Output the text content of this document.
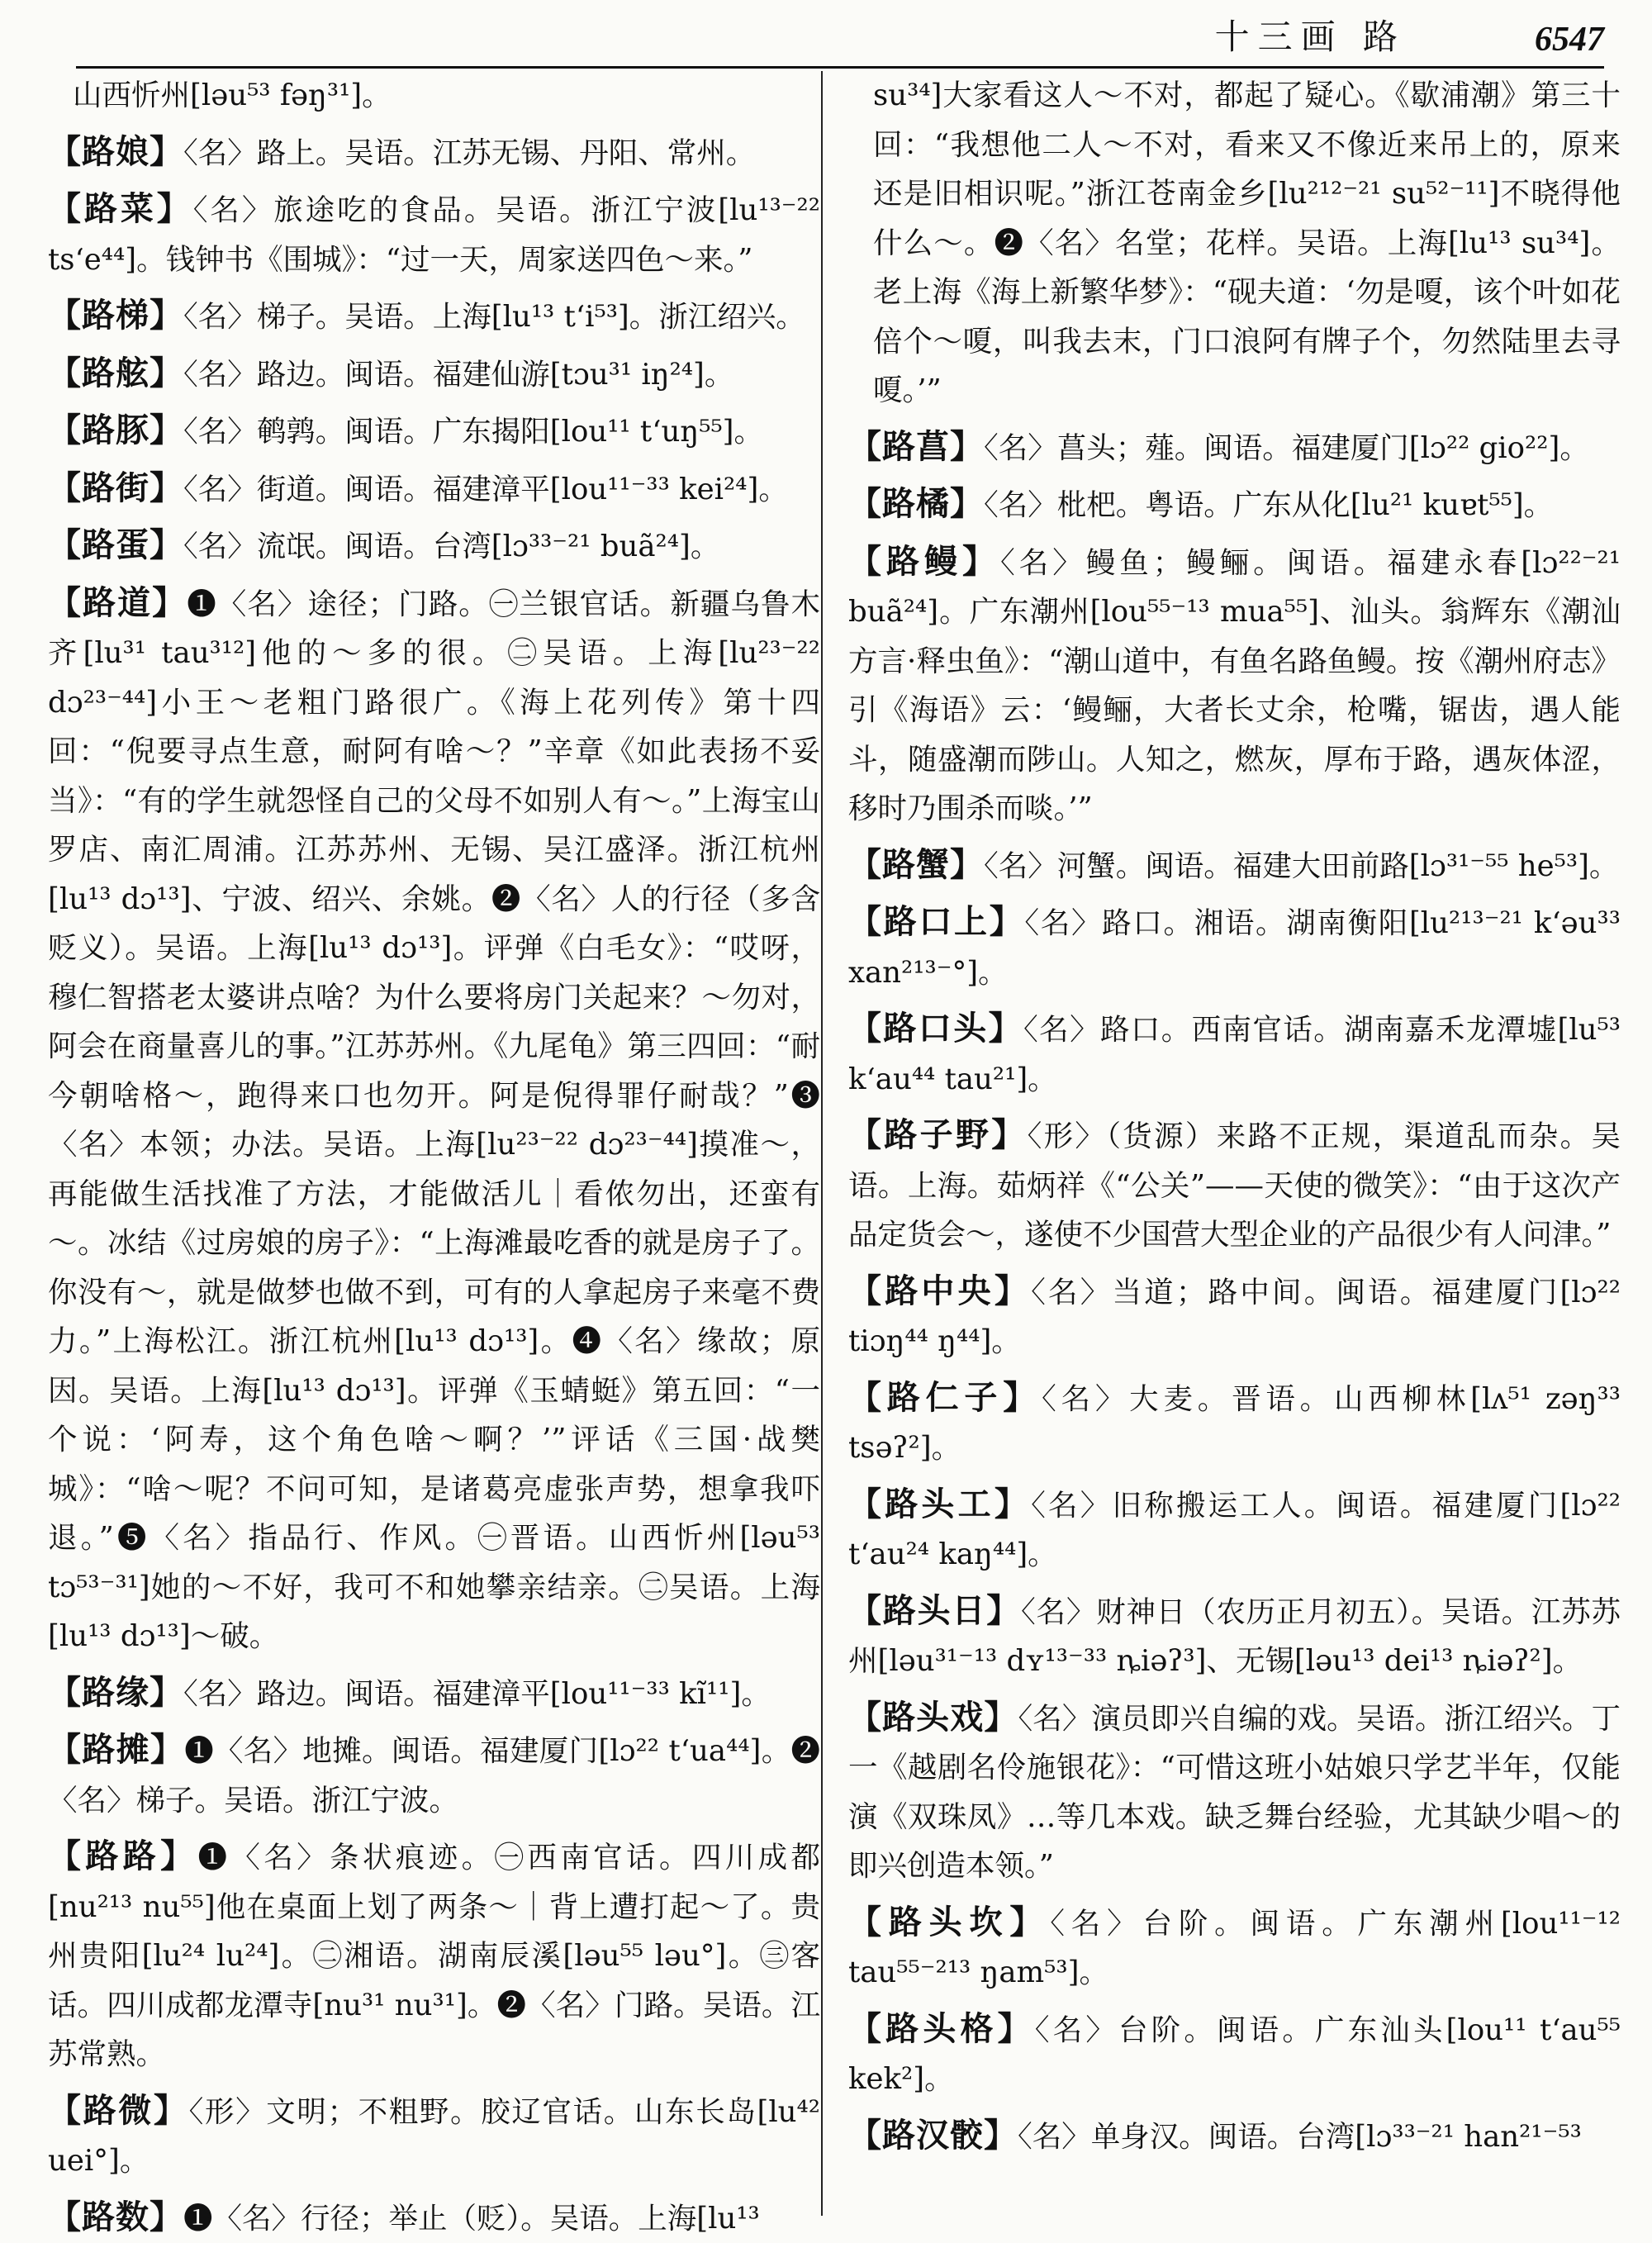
十三画 路	6547

山西忻州[ləu⁵³ fəŋ³¹]。

【路娘】〈名〉路上。吴语。江苏无锡、丹阳、常州。

【路菜】〈名〉旅途吃的食品。吴语。浙江宁波[lu¹³⁻²² tsʻe⁴⁴]。钱钟书《围城》：“过一天，周家送四色～来。”

【路梯】〈名〉梯子。吴语。上海[lu¹³ tʻi⁵³]。浙江绍兴。

【路舷】〈名〉路边。闽语。福建仙游[tɔu³¹ iŋ²⁴]。

【路豚】〈名〉鹌鹑。闽语。广东揭阳[lou¹¹ tʻuŋ⁵⁵]。

【路街】〈名〉街道。闽语。福建漳平[lou¹¹⁻³³ kei²⁴]。

【路蛋】〈名〉流氓。闽语。台湾[lɔ³³⁻²¹ buã²⁴]。

【路道】❶〈名〉途径；门路。㊀兰银官话。新疆乌鲁木齐[lu³¹ tau³¹²]他的～多的很。㊁吴语。上海[lu²³⁻²² dɔ²³⁻⁴⁴]小王～老粗门路很广。《海上花列传》第十四回：“倪要寻点生意，耐阿有啥～？”辛章《如此表扬不妥当》：“有的学生就怨怪自己的父母不如别人有～。”上海宝山罗店、南汇周浦。江苏苏州、无锡、吴江盛泽。浙江杭州[lu¹³ dɔ¹³]、宁波、绍兴、余姚。❷〈名〉人的行径（多含贬义）。吴语。上海[lu¹³ dɔ¹³]。评弹《白毛女》：“哎呀，穆仁智搭老太婆讲点啥？为什么要将房门关起来？～勿对，阿会在商量喜儿的事。”江苏苏州。《九尾龟》第三四回：“耐今朝啥格～，跑得来口也勿开。阿是倪得罪仔耐哉？”❸〈名〉本领；办法。吴语。上海[lu²³⁻²² dɔ²³⁻⁴⁴]摸准～，再能做生活找准了方法，才能做活儿｜看侬勿出，还蛮有～。冰结《过房娘的房子》：“上海滩最吃香的就是房子了。你没有～，就是做梦也做不到，可有的人拿起房子来毫不费力。”上海松江。浙江杭州[lu¹³ dɔ¹³]。❹〈名〉缘故；原因。吴语。上海[lu¹³ dɔ¹³]。评弹《玉蜻蜓》第五回：“一个说：‘阿寿，这个角色啥～啊？’”评话《三国·战樊城》：“啥～呢？不问可知，是诸葛亮虚张声势，想拿我吓退。”❺〈名〉指品行、作风。㊀晋语。山西忻州[ləu⁵³ tɔ⁵³⁻³¹]她的～不好，我可不和她攀亲结亲。㊁吴语。上海[lu¹³ dɔ¹³]～破。

【路缘】〈名〉路边。闽语。福建漳平[lou¹¹⁻³³ kĩ¹¹]。

【路摊】❶〈名〉地摊。闽语。福建厦门[lɔ²² tʻua⁴⁴]。❷〈名〉梯子。吴语。浙江宁波。

【路路】❶〈名〉条状痕迹。㊀西南官话。四川成都[nu²¹³ nu⁵⁵]他在桌面上划了两条～｜背上遭打起～了。贵州贵阳[lu²⁴ lu²⁴]。㊁湘语。湖南辰溪[ləu⁵⁵ ləu°]。㊂客话。四川成都龙潭寺[nu³¹ nu³¹]。❷〈名〉门路。吴语。江苏常熟。

【路微】〈形〉文明；不粗野。胶辽官话。山东长岛[lu⁴² uei°]。

【路数】❶〈名〉行径；举止（贬）。吴语。上海[lu¹³

su³⁴]大家看这人～不对，都起了疑心。《歇浦潮》第三十回：“我想他二人～不对，看来又不像近来吊上的，原来还是旧相识呢。”浙江苍南金乡[lu²¹²⁻²¹ su⁵²⁻¹¹]不晓得他什么～。❷〈名〉名堂；花样。吴语。上海[lu¹³ su³⁴]。老上海《海上新繁华梦》：“砚夫道：‘勿是嗄，该个叶如花倍个～嗄，叫我去末，门口浪阿有牌子个，勿然陆里去寻嗄。’”

【路菖】〈名〉菖头；薤。闽语。福建厦门[lɔ²² gio²²]。

【路橘】〈名〉枇杷。粤语。广东从化[lu²¹ kuɐt⁵⁵]。

【路鳗】〈名〉鳗鱼；鳗鲡。闽语。福建永春[lɔ²²⁻²¹ buã²⁴]。广东潮州[lou⁵⁵⁻¹³ mua⁵⁵]、汕头。翁辉东《潮汕方言·释虫鱼》：“潮山道中，有鱼名路鱼鳗。按《潮州府志》引《海语》云：‘鳗鲡，大者长丈余，枪嘴，锯齿，遇人能斗，随盛潮而陟山。人知之，燃灰，厚布于路，遇灰体涩，移时乃围杀而啖。’”

【路蟹】〈名〉河蟹。闽语。福建大田前路[lɔ³¹⁻⁵⁵ he⁵³]。

【路口上】〈名〉路口。湘语。湖南衡阳[lu²¹³⁻²¹ kʻəu³³ xan²¹³⁻°]。

【路口头】〈名〉路口。西南官话。湖南嘉禾龙潭墟[lu⁵³ kʻau⁴⁴ tau²¹]。

【路子野】〈形〉（货源）来路不正规，渠道乱而杂。吴语。上海。茹炳祥《“公关”——天使的微笑》：“由于这次产品定货会～，遂使不少国营大型企业的产品很少有人问津。”

【路中央】〈名〉当道；路中间。闽语。福建厦门[lɔ²² tiɔŋ⁴⁴ ŋ⁴⁴]。

【路仁子】〈名〉大麦。晋语。山西柳林[lʌ⁵¹ zəŋ³³ tsəʔ²]。

【路头工】〈名〉旧称搬运工人。闽语。福建厦门[lɔ²² tʻau²⁴ kaŋ⁴⁴]。

【路头日】〈名〉财神日（农历正月初五）。吴语。江苏苏州[ləu³¹⁻¹³ dʏ¹³⁻³³ ȵiəʔ³]、无锡[ləu¹³ dei¹³ ȵiəʔ²]。

【路头戏】〈名〉演员即兴自编的戏。吴语。浙江绍兴。丁一《越剧名伶施银花》：“可惜这班小姑娘只学艺半年，仅能演《双珠凤》…等几本戏。缺乏舞台经验，尤其缺少唱～的即兴创造本领。”

【路头坎】〈名〉台阶。闽语。广东潮州[lou¹¹⁻¹² tau⁵⁵⁻²¹³ ŋam⁵³]。

【路头格】〈名〉台阶。闽语。广东汕头[lou¹¹ tʻau⁵⁵ kek²]。

【路汉骹】〈名〉单身汉。闽语。台湾[lɔ³³⁻²¹ han²¹⁻⁵³
